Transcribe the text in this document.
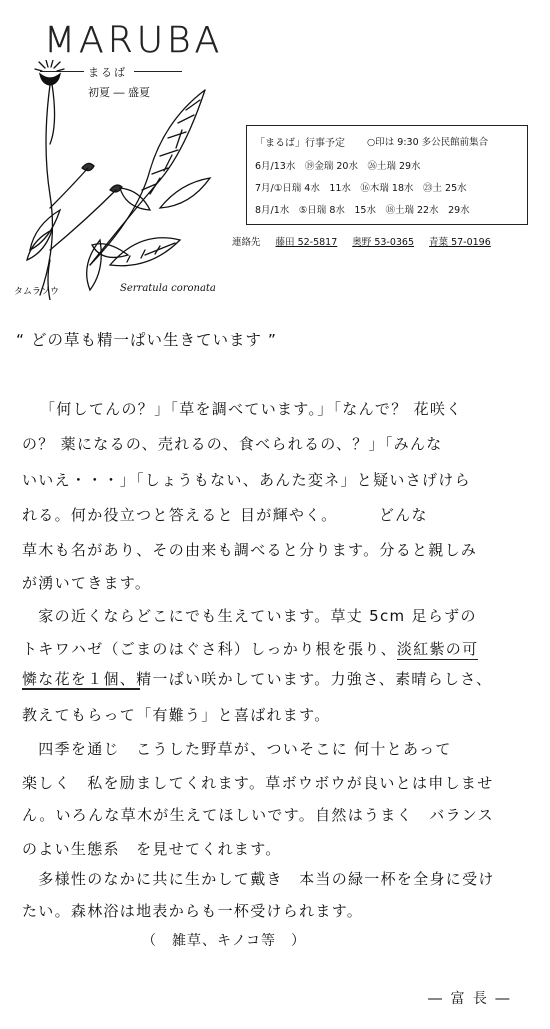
MARUBA
まるば
初夏 ― 盛夏
タムラソウ	Serratula coronata
「まるば」行事予定 ○印は 9:30 多公民館前集合
6月/13水　⑲金瑞 20水　㉖土瑞 29水
7月/①日瑞 4水　11水　⑯木瑞 18水　㉓土 25水
8月/1水　⑤日瑞 8水　15水　⑱土瑞 22水　29水
連絡先 藤田 52-5817 奥野 53-0365 青葉 57-0196
“ どの草も精一ぱい生きています ”
「何してんの？」「草を調べています。」「なんで？ 花咲く
の？ 薬になるの、売れるの、食べられるの、？」「みんな
いいえ・・・」「しょうもない、あんた変ネ」と疑いさげけら
れる。何か役立つと答えると 目が輝やく。　　　どんな
草木も名があり、その由来も調べると分ります。分ると親しみ
が湧いてきます。
　家の近くならどこにでも生えています。草丈 5cm 足らずの
トキワハゼ（ごまのはぐさ科）しっかり根を張り、淡紅紫の可
憐な花を１個、精一ぱい咲かしています。力強さ、素晴らしさ、
教えてもらって「有難う」と喜ばれます。
　四季を通じ　こうした野草が、ついそこに 何十とあって
楽しく　私を励ましてくれます。草ボウボウが良いとは申しませ
ん。いろんな草木が生えてほしいです。自然はうまく　バランス
のよい生態系　を見せてくれます。
　多様性のなかに共に生かして戴き　本当の緑一杯を全身に受け
たい。森林浴は地表からも一杯受けられます。
（　雑草、キノコ等　）
― 富 長 ―
